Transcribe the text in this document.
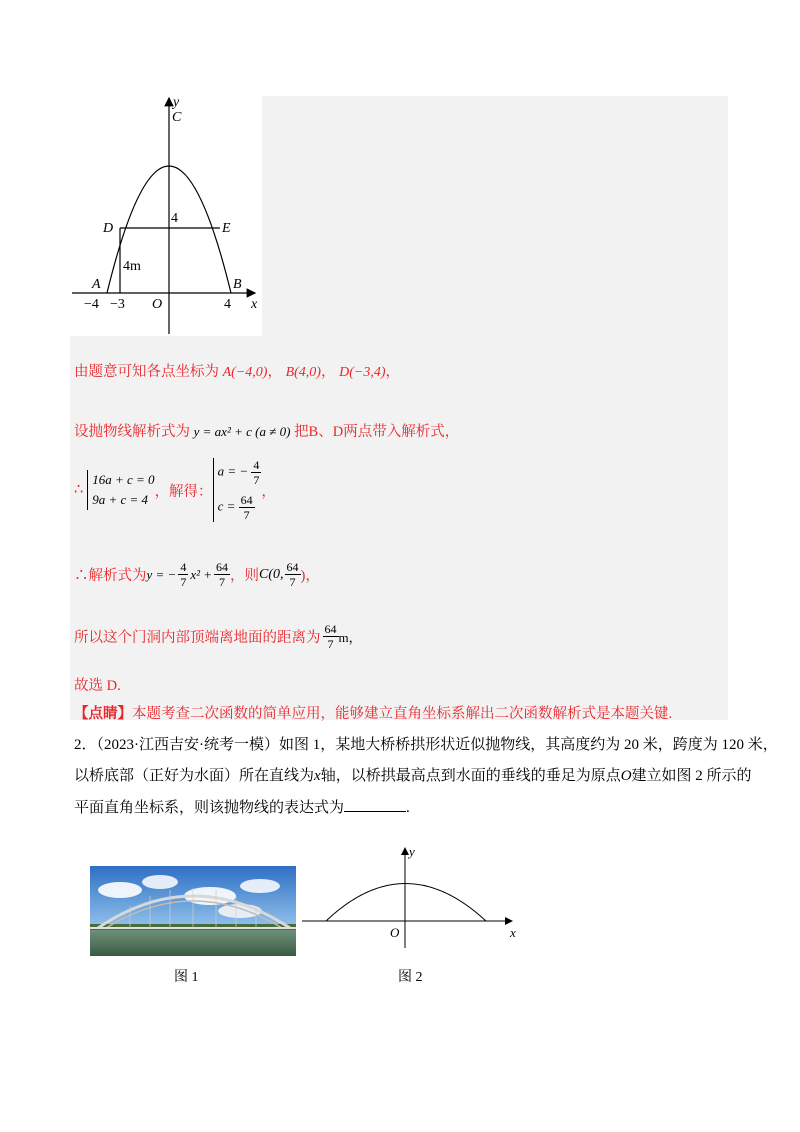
y
C
D	E
4
4m
A	B
−4 −3 O	4 x
由题意可知各点坐标为 A(−4,0)， B(4,0)， D(−3,4)，
设抛物线解析式为 y = ax² + c (a ≠ 0) 把B、D两点带入解析式，
∴
16a + c = 0
9a + c = 4 ，解得：
a = − $\frac{4}{7}$
$c = \frac{64}{7}$
，
∴解析式为 y = − $\frac{4}{7} x^2 + \frac{64}{7}$ ，则 C(0, $\frac{64}{7}$ )，
所以这个门洞内部顶端离地面的距离为 $\frac{64}{7}$ m，
故选 D.
【点睛】本题考查二次函数的简单应用，能够建立直角坐标系解出二次函数解析式是本题关键.
2．（2023·江西吉安·统考一模）如图 1，某地大桥桥拱形状近似抛物线，其高度约为 20 米，跨度为 120 米，
以桥底部（正好为水面）所在直线为x轴，以桥拱最高点到水面的垂线的垂足为原点O建立如图 2 所示的
平面直角坐标系，则该抛物线的表达式为	.
y
x
O
图 1	图 2
